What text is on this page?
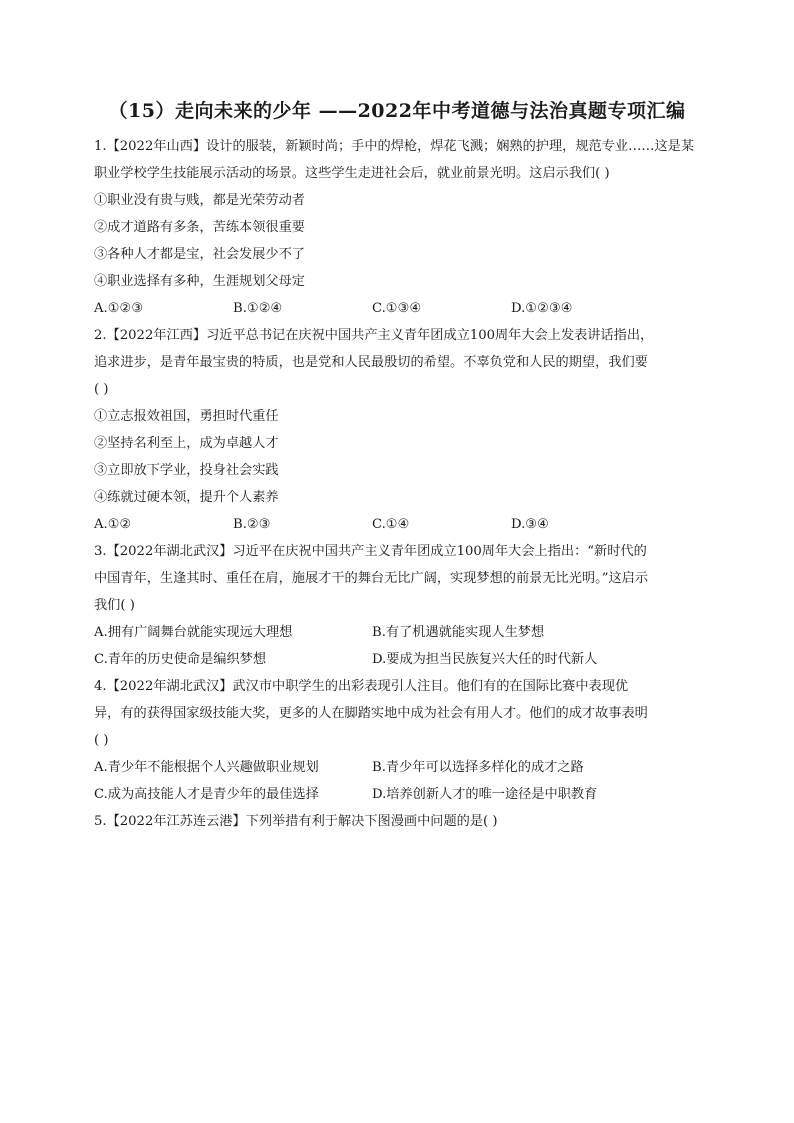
（15）走向未来的少年 ——2022年中考道德与法治真题专项汇编
1.【2022年山西】设计的服装，新颖时尚；手中的焊枪，焊花飞溅；娴熟的护理，规范专业……这是某
职业学校学生技能展示活动的场景。这些学生走进社会后，就业前景光明。这启示我们( )
①职业没有贵与贱，都是光荣劳动者
②成才道路有多条，苦练本领很重要
③各种人才都是宝，社会发展少不了
④职业选择有多种，生涯规划父母定
A.①②③	B.①②④	C.①③④	D.①②③④
2.【2022年江西】习近平总书记在庆祝中国共产主义青年团成立100周年大会上发表讲话指出，
追求进步，是青年最宝贵的特质，也是党和人民最殷切的希望。不辜负党和人民的期望，我们要
( )
①立志报效祖国，勇担时代重任
②坚持名利至上，成为卓越人才
③立即放下学业，投身社会实践
④练就过硬本领，提升个人素养
A.①②	B.②③	C.①④	D.③④
3.【2022年湖北武汉】习近平在庆祝中国共产主义青年团成立100周年大会上指出：“新时代的
中国青年，生逢其时、重任在肩，施展才干的舞台无比广阔，实现梦想的前景无比光明。”这启示
我们( )
A.拥有广阔舞台就能实现远大理想	B.有了机遇就能实现人生梦想
C.青年的历史使命是编织梦想	D.要成为担当民族复兴大任的时代新人
4.【2022年湖北武汉】武汉市中职学生的出彩表现引人注目。他们有的在国际比赛中表现优
异，有的获得国家级技能大奖，更多的人在脚踏实地中成为社会有用人才。他们的成才故事表明
( )
A.青少年不能根据个人兴趣做职业规划	B.青少年可以选择多样化的成才之路
C.成为高技能人才是青少年的最佳选择	D.培养创新人才的唯一途径是中职教育
5.【2022年江苏连云港】下列举措有利于解决下图漫画中问题的是( )
